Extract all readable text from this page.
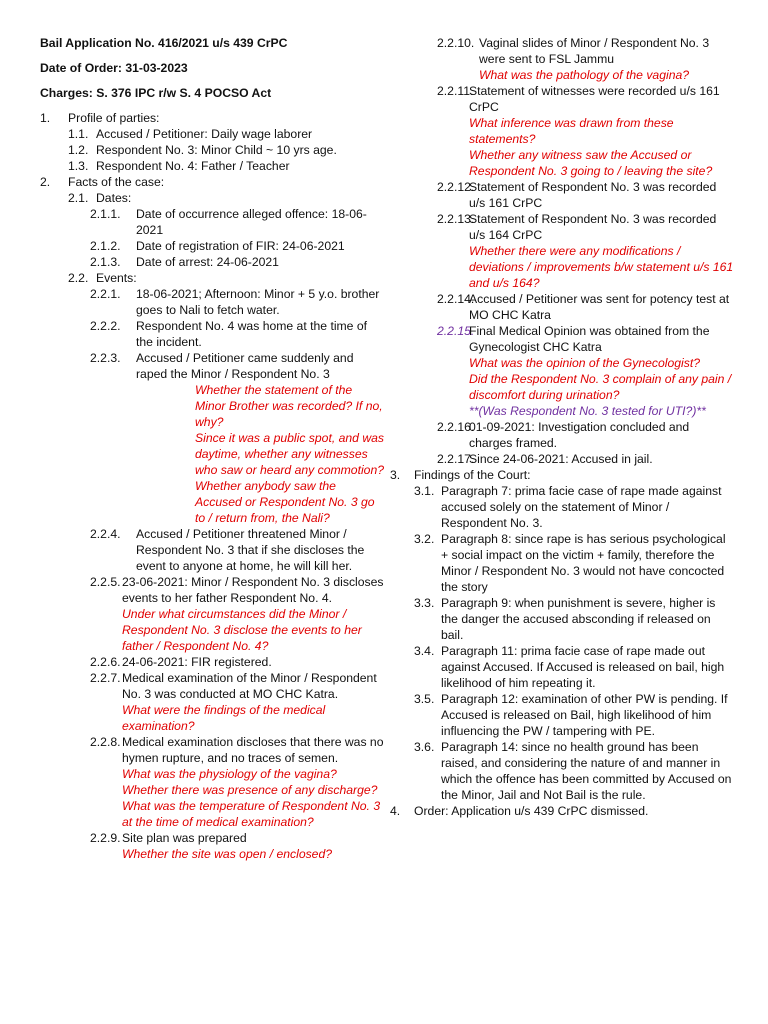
Bail Application No. 416/2021 u/s 439 CrPC
Date of Order: 31-03-2023
Charges: S. 376 IPC r/w S. 4 POCSO Act
1.	Profile of parties:
1.1. Accused / Petitioner: Daily wage laborer
1.2. Respondent No. 3: Minor Child ~ 10 yrs age.
1.3. Respondent No. 4: Father / Teacher
2.	Facts of the case:
2.1. Dates:
2.1.1.	Date of occurrence alleged offence: 18-06-2021
2.1.2.	Date of registration of FIR: 24-06-2021
2.1.3.	Date of arrest: 24-06-2021
2.2. Events:
2.2.1.	18-06-2021; Afternoon: Minor + 5 y.o. brother goes to Nali to fetch water.
2.2.2.	Respondent No. 4 was home at the time of the incident.
2.2.3.	Accused / Petitioner came suddenly and raped the Minor / Respondent No. 3
Whether the statement of the Minor Brother was recorded? If no, why?
Since it was a public spot, and was daytime, whether any witnesses who saw or heard any commotion?
Whether anybody saw the Accused or Respondent No. 3 go to / return from, the Nali?
2.2.4.	Accused / Petitioner threatened Minor / Respondent No. 3 that if she discloses the event to anyone at home, he will kill her.
2.2.5. 23-06-2021: Minor / Respondent No. 3 discloses events to her father Respondent No. 4.
Under what circumstances did the Minor / Respondent No. 3 disclose the events to her father / Respondent No. 4?
2.2.6. 24-06-2021: FIR registered.
2.2.7. Medical examination of the Minor / Respondent No. 3 was conducted at MO CHC Katra.
What were the findings of the medical examination?
2.2.8. Medical examination discloses that there was no hymen rupture, and no traces of semen.
What was the physiology of the vagina?
Whether there was presence of any discharge?
What was the temperature of Respondent No. 3 at the time of medical examination?
2.2.9. Site plan was prepared
Whether the site was open / enclosed?
2.2.10. Vaginal slides of Minor / Respondent No. 3 were sent to FSL Jammu
What was the pathology of the vagina?
2.2.11.
Statement of witnesses were recorded u/s 161 CrPC
What inference was drawn from these statements?
Whether any witness saw the Accused or Respondent No. 3 going to / leaving the site?
2.2.12.
Statement of Respondent No. 3 was recorded u/s 161 CrPC
2.2.13.
Statement of Respondent No. 3 was recorded u/s 164 CrPC
Whether there were any modifications / deviations / improvements b/w statement u/s 161 and u/s 164?
2.2.14.
Accused / Petitioner was sent for potency test at MO CHC Katra
2.2.15.
Final Medical Opinion was obtained from the Gynecologist CHC Katra
What was the opinion of the Gynecologist?
Did the Respondent No. 3 complain of any pain / discomfort during urination?
**(Was Respondent No. 3 tested for UTI?)**
2.2.16.
01-09-2021: Investigation concluded and charges framed.
2.2.17.
Since 24-06-2021: Accused in jail.
3.	Findings of the Court:
3.1. Paragraph 7: prima facie case of rape made against accused solely on the statement of Minor / Respondent No. 3.
3.2. Paragraph 8: since rape is has serious psychological + social impact on the victim + family, therefore the Minor / Respondent No. 3 would not have concocted the story
3.3. Paragraph 9: when punishment is severe, higher is the danger the accused absconding if released on bail.
3.4. Paragraph 11: prima facie case of rape made out against Accused. If Accused is released on bail, high likelihood of him repeating it.
3.5. Paragraph 12: examination of other PW is pending. If Accused is released on Bail, high likelihood of him influencing the PW / tampering with PE.
3.6. Paragraph 14: since no health ground has been raised, and considering the nature of and manner in which the offence has been committed by Accused on the Minor, Jail and Not Bail is the rule.
4.	Order: Application u/s 439 CrPC dismissed.
